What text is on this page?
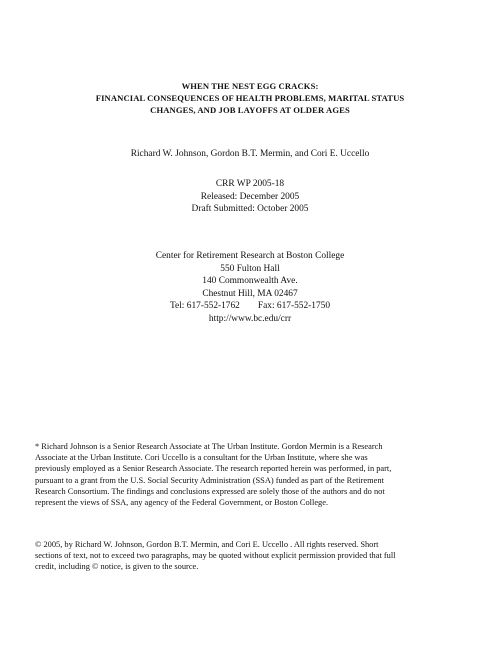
WHEN THE NEST EGG CRACKS:
FINANCIAL CONSEQUENCES OF HEALTH PROBLEMS, MARITAL STATUS
CHANGES, AND JOB LAYOFFS AT OLDER AGES
Richard W. Johnson, Gordon B.T. Mermin, and Cori E. Uccello
CRR WP 2005-18
Released: December 2005
Draft Submitted: October 2005
Center for Retirement Research at Boston College
550 Fulton Hall
140 Commonwealth Ave.
Chestnut Hill, MA 02467
Tel: 617-552-1762 Fax: 617-552-1750
http://www.bc.edu/crr
* Richard Johnson is a Senior Research Associate at The Urban Institute. Gordon Mermin is a Research
Associate at the Urban Institute. Cori Uccello is a consultant for the Urban Institute, where she was
previously employed as a Senior Research Associate. The research reported herein was performed, in part,
pursuant to a grant from the U.S. Social Security Administration (SSA) funded as part of the Retirement
Research Consortium. The findings and conclusions expressed are solely those of the authors and do not
represent the views of SSA, any agency of the Federal Government, or Boston College.
© 2005, by Richard W. Johnson, Gordon B.T. Mermin, and Cori E. Uccello . All rights reserved. Short
sections of text, not to exceed two paragraphs, may be quoted without explicit permission provided that full
credit, including © notice, is given to the source.
